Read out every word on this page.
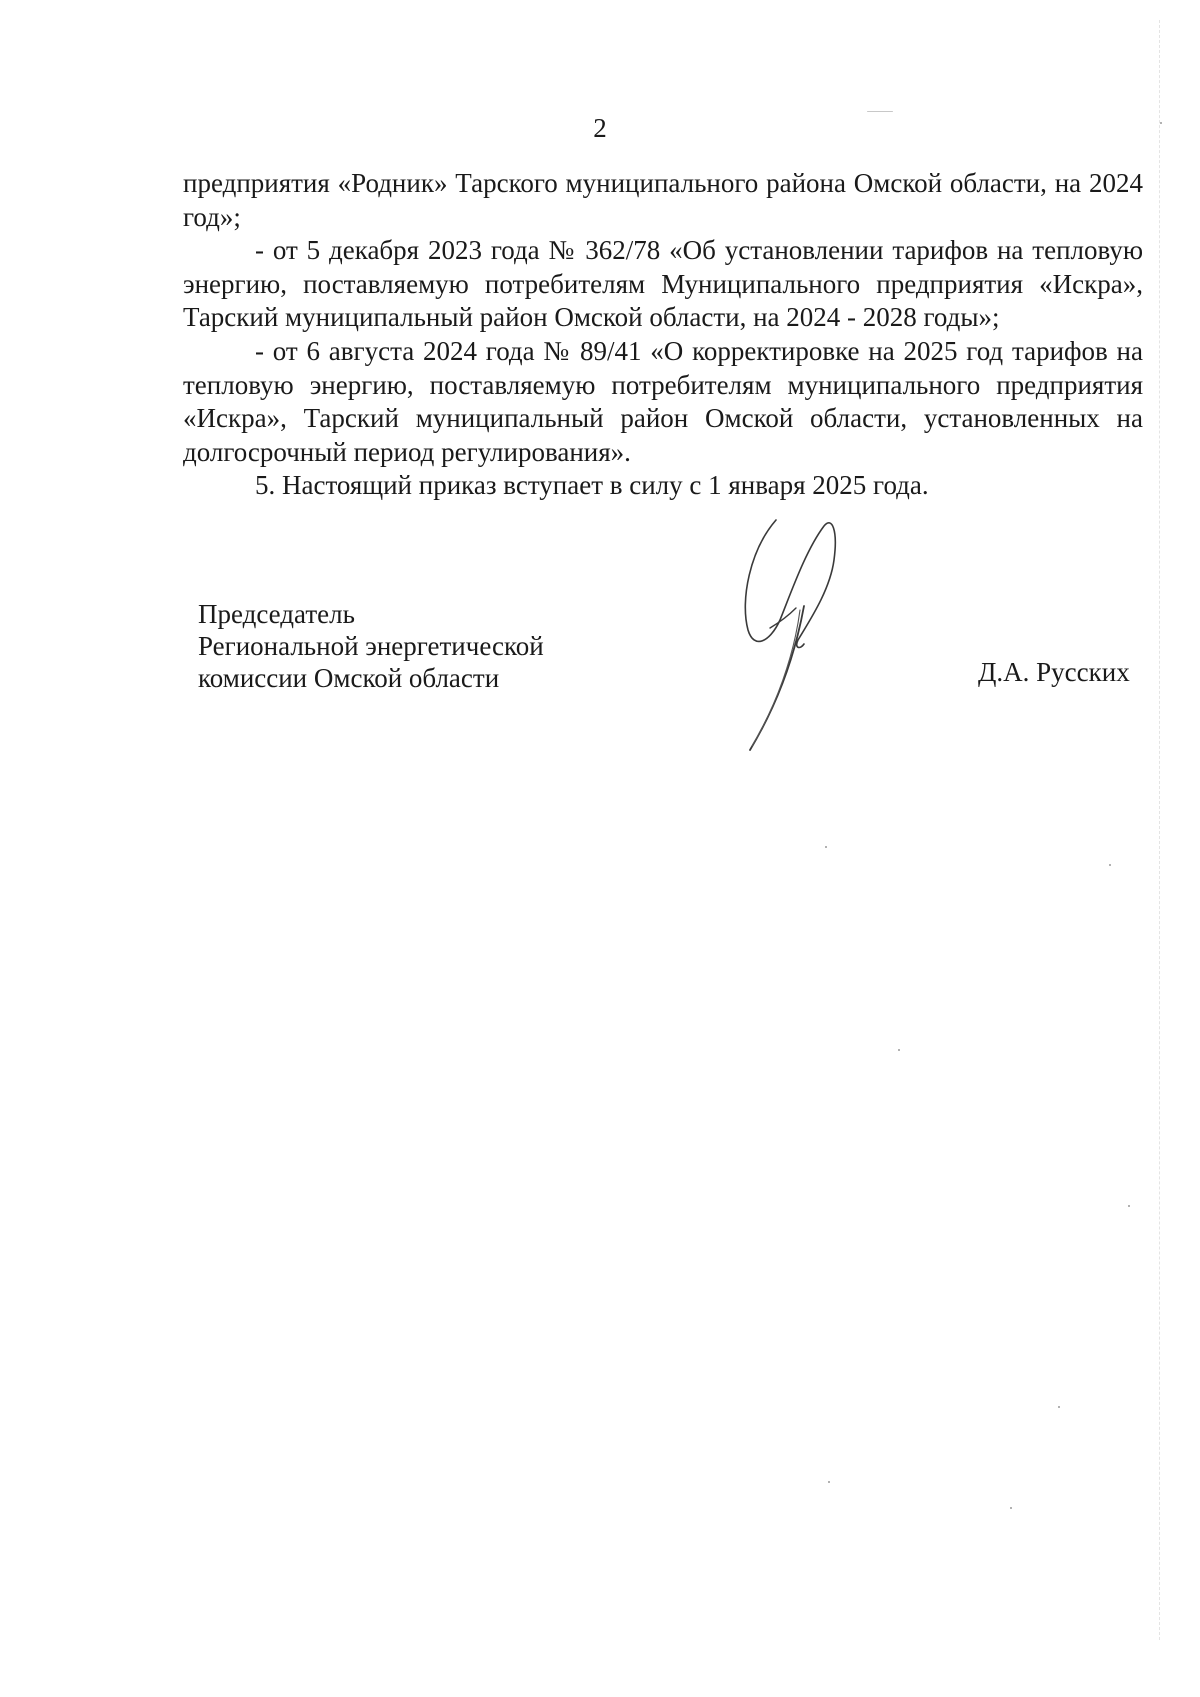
2

предприятия «Родник» Тарского муниципального района Омской области, на 2024 год»;

- от 5 декабря 2023 года № 362/78 «Об установлении тарифов на тепловую энергию, поставляемую потребителям Муниципального предприятия «Искра», Тарский муниципальный район Омской области, на 2024 - 2028 годы»;

- от 6 августа 2024 года № 89/41 «О корректировке на 2025 год тарифов на тепловую энергию, поставляемую потребителям муниципального предприятия «Искра», Тарский муниципальный район Омской области, установленных на долгосрочный период регулирования».

5. Настоящий приказ вступает в силу с 1 января 2025 года.

Председатель
Региональной энергетической
комиссии Омской области	Д.А. Русских
